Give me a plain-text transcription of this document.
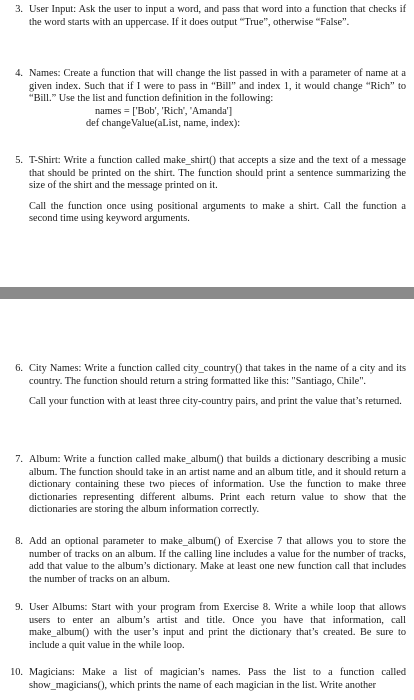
3. User Input: Ask the user to input a word, and pass that word into a function that checks if the word starts with an uppercase. If it does output “True”, otherwise “False”.

4. Names: Create a function that will change the list passed in with a parameter of name at a given index. Such that if I were to pass in “Bill” and index 1, it would change “Rich” to “Bill.” Use the list and function definition in the following:

names = ['Bob', 'Rich', 'Amanda']
def changeValue(aList, name, index):
5. T-Shirt: Write a function called make_shirt() that accepts a size and the text of a message that should be printed on the shirt. The function should print a sentence summarizing the size of the shirt and the message printed on it.

Call the function once using positional arguments to make a shirt. Call the function a second time using keyword arguments.

6. City Names: Write a function called city_country() that takes in the name of a city and its country. The function should return a string formatted like this: "Santiago, Chile".

Call your function with at least three city-country pairs, and print the value that’s returned.

7. Album: Write a function called make_album() that builds a dictionary describing a music album. The function should take in an artist name and an album title, and it should return a dictionary containing these two pieces of information. Use the function to make three dictionaries representing different albums. Print each return value to show that the dictionaries are storing the album information correctly.

8. Add an optional parameter to make_album() of Exercise 7 that allows you to store the number of tracks on an album. If the calling line includes a value for the number of tracks, add that value to the album’s dictionary. Make at least one new function call that includes the number of tracks on an album.

9. User Albums: Start with your program from Exercise 8. Write a while loop that allows users to enter an album’s artist and title. Once you have that information, call make_album() with the user’s input and print the dictionary that’s created. Be sure to include a quit value in the while loop.

10. Magicians: Make a list of magician’s names. Pass the list to a function called show_magicians(), which prints the name of each magician in the list. Write another
